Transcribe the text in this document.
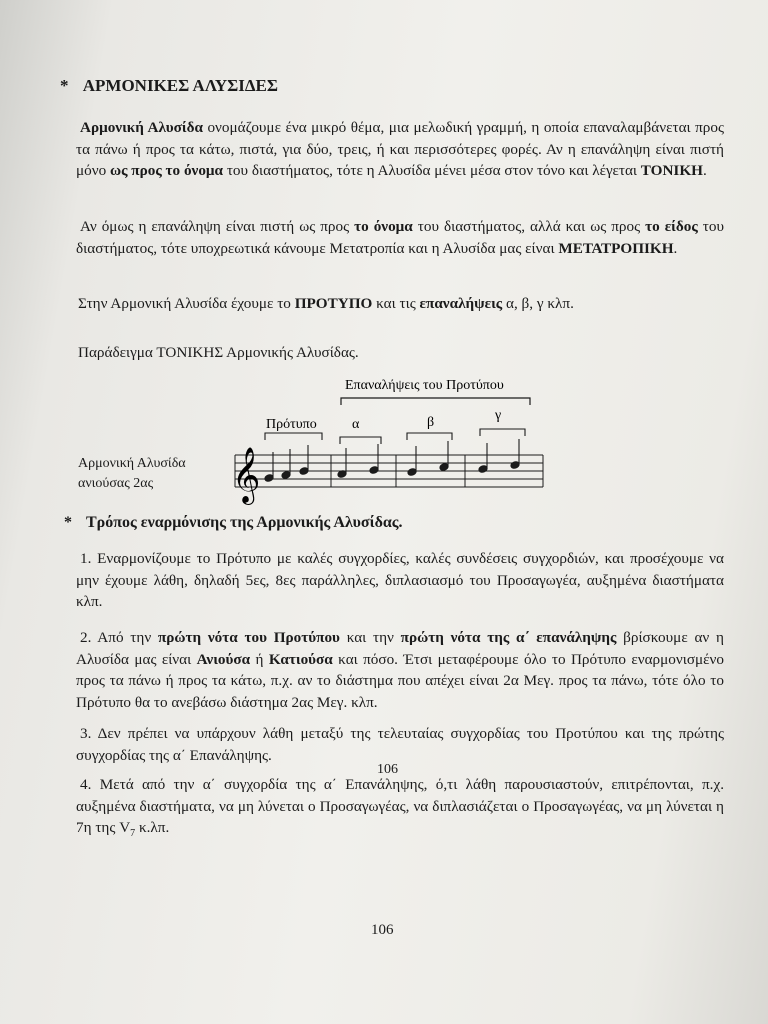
* ΑΡΜΟΝΙΚΕΣ ΑΛΥΣΙΔΕΣ
Αρμονική Αλυσίδα ονομάζουμε ένα μικρό θέμα, μια μελωδική γραμμή, η οποία επαναλαμβάνεται προς τα πάνω ή προς τα κάτω, πιστά, για δύο, τρεις, ή και περισσότερες φορές. Αν η επανάληψη είναι πιστή μόνο ως προς το όνομα του διαστήματος, τότε η Αλυσίδα μένει μέσα στον τόνο και λέγεται ΤΟΝΙΚΗ.
Αν όμως η επανάληψη είναι πιστή ως προς το όνομα του διαστήματος, αλλά και ως προς το είδος του διαστήματος, τότε υποχρεωτικά κάνουμε Μετατροπία και η Αλυσίδα μας είναι ΜΕΤΑΤΡΟΠΙΚΗ.
Στην Αρμονική Αλυσίδα έχουμε το ΠΡΟΤΥΠΟ και τις επαναλήψεις α, β, γ κλπ.
Παράδειγμα ΤΟΝΙΚΗΣ Αρμονικής Αλυσίδας.
Επαναλήψεις του Προτύπου
Πρότυπο	α	β	γ
𝄞
Αρμονική Αλυσίδα
ανιούσας 2ας
* Τρόπος εναρμόνισης της Αρμονικής Αλυσίδας.
1. Εναρμονίζουμε το Πρότυπο με καλές συγχορδίες, καλές συνδέσεις συγχορδιών, και προσέχουμε να μην έχουμε λάθη, δηλαδή 5ες, 8ες παράλληλες, διπλασιασμό του Προσαγωγέα, αυξημένα διαστήματα κλπ.
2. Από την πρώτη νότα του Προτύπου και την πρώτη νότα της α΄ επανάληψης βρίσκουμε αν η Αλυσίδα μας είναι Ανιούσα ή Κατιούσα και πόσο. Έτσι μεταφέρουμε όλο το Πρότυπο εναρμονισμένο προς τα πάνω ή προς τα κάτω, π.χ. αν το διάστημα που απέχει είναι 2α Μεγ. προς τα πάνω, τότε όλο το Πρότυπο θα το ανεβάσω διάστημα 2ας Μεγ. κλπ.
3. Δεν πρέπει να υπάρχουν λάθη μεταξύ της τελευταίας συγχορδίας του Προτύπου και της πρώτης συγχορδίας της α΄ Επανάληψης.
106
4. Μετά από την α΄ συγχορδία της α΄ Επανάληψης, ό,τι λάθη παρουσιαστούν, επιτρέπονται, π.χ. αυξημένα διαστήματα, να μη λύνεται ο Προσαγωγέας, να διπλασιάζεται ο Προσαγωγέας, να μη λύνεται η 7η της $V_7$ κ.λπ.
106
